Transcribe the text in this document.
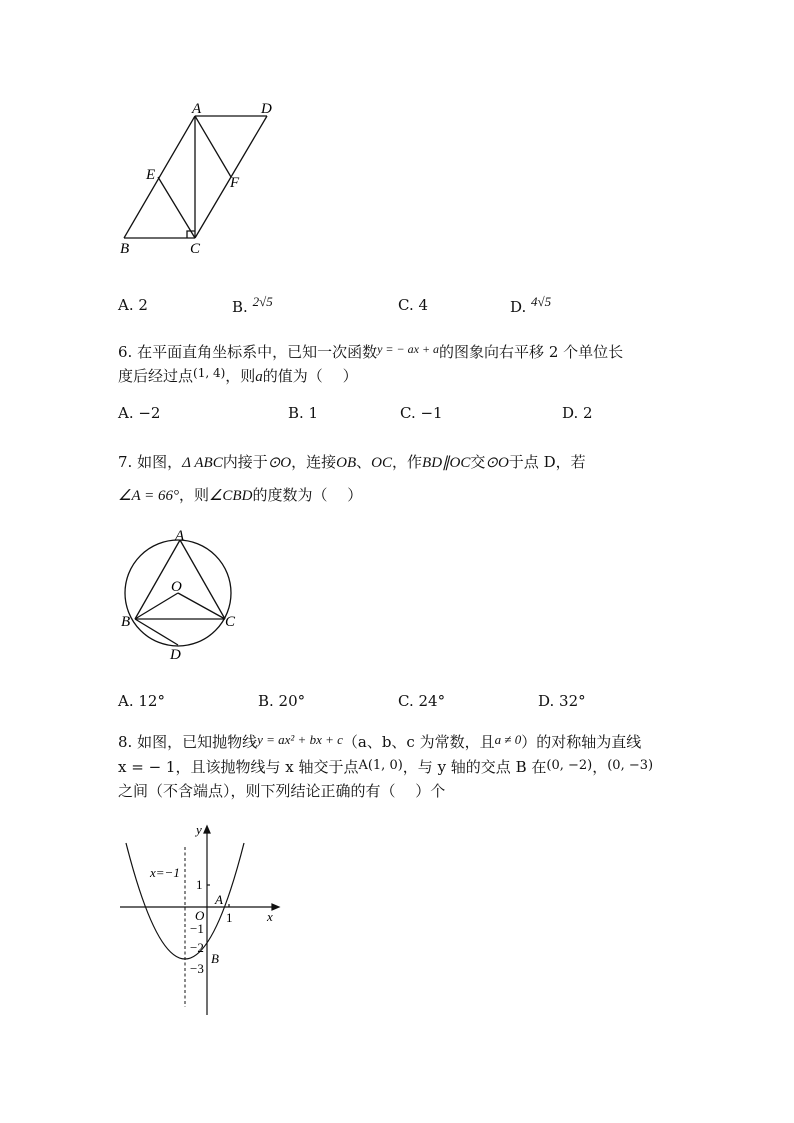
A	D
E	F
B	C
A. 2	B. 2√5	C. 4	D. 4√5
6. 在平面直角坐标系中，已知一次函数$^{y = - ax + a}$的图象向右平移 2 个单位长
度后经过点$^{(1, 4)}$，则a的值为（　 ）
A. −2	B. 1	C. −1	D. 2
7. 如图，Δ ABC内接于⊙O，连接OB、OC，作BD∥OC交⊙O于点 D，若
∠A = 66°，则∠CBD的度数为（　 ）
A
O
B	C
D
A. 12°	B. 20°	C. 24°	D. 32°
8. 如图，已知抛物线y = ax² + bx + c（a、b、c 为常数，且a ≠ 0）的对称轴为直线
x = − 1，且该抛物线与 x 轴交于点A(1, 0)，与 y 轴的交点 B 在(0, −2)，(0, −3)
之间（不含端点），则下列结论正确的有（　 ）个
y
x
O
A
B
x=−1
1
−1
−2
−3
1
